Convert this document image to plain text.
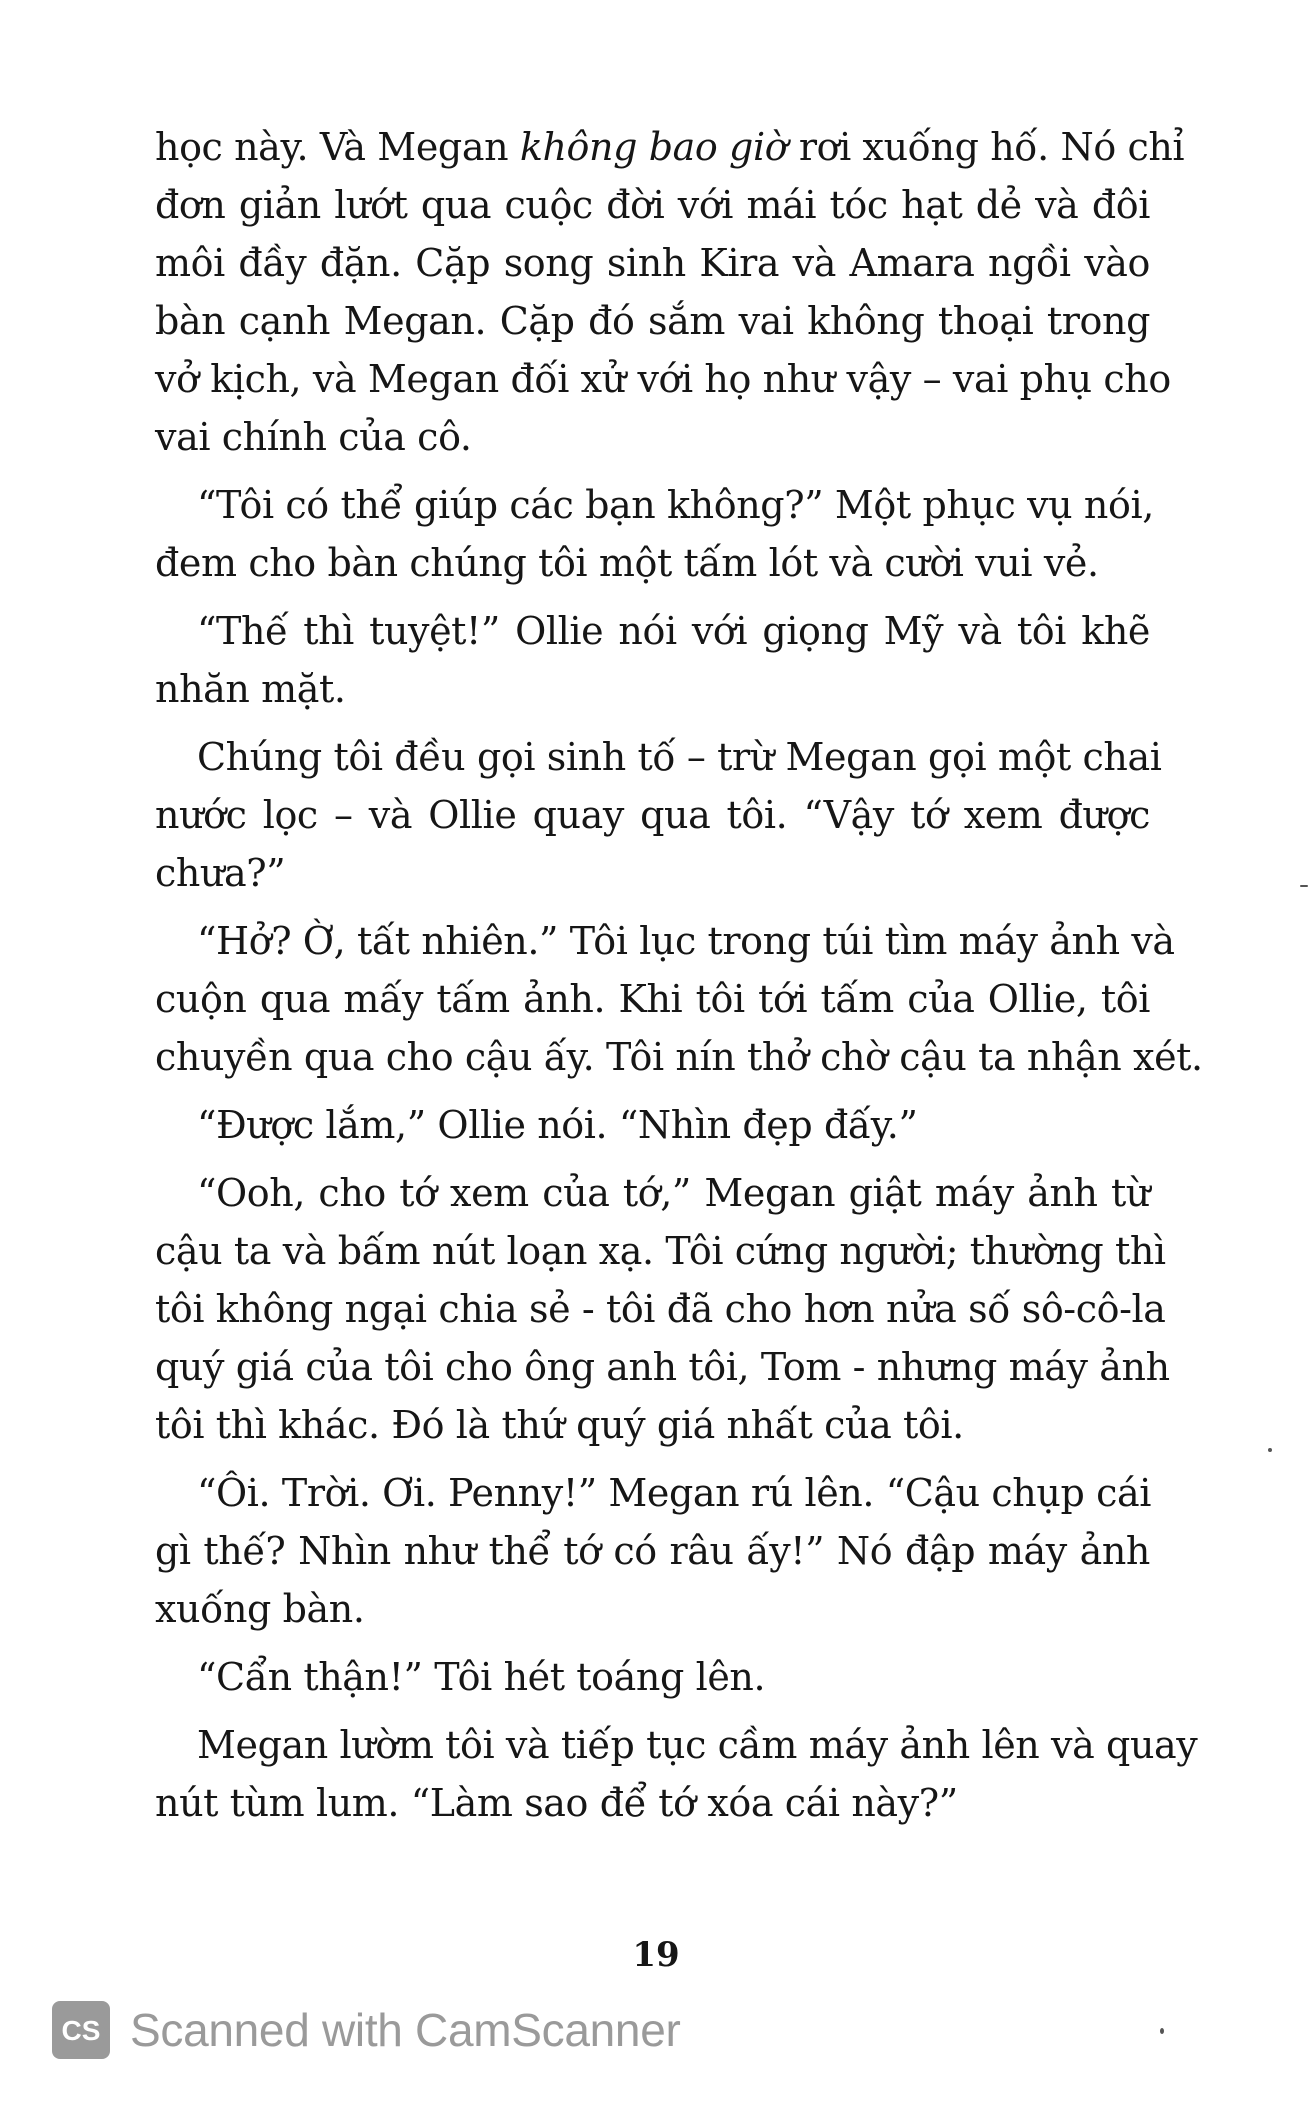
học này. Và Megan không bao giờ rơi xuống hố. Nó chỉ
đơn giản lướt qua cuộc đời với mái tóc hạt dẻ và đôi
môi đầy đặn. Cặp song sinh Kira và Amara ngồi vào
bàn cạnh Megan. Cặp đó sắm vai không thoại trong
vở kịch, và Megan đối xử với họ như vậy – vai phụ cho
vai chính của cô.
“Tôi có thể giúp các bạn không?” Một phục vụ nói,
đem cho bàn chúng tôi một tấm lót và cười vui vẻ.
“Thế thì tuyệt!” Ollie nói với giọng Mỹ và tôi khẽ
nhăn mặt.
Chúng tôi đều gọi sinh tố – trừ Megan gọi một chai
nước lọc – và Ollie quay qua tôi. “Vậy tớ xem được
chưa?”
“Hở? Ờ, tất nhiên.” Tôi lục trong túi tìm máy ảnh và
cuộn qua mấy tấm ảnh. Khi tôi tới tấm của Ollie, tôi
chuyền qua cho cậu ấy. Tôi nín thở chờ cậu ta nhận xét.
“Được lắm,” Ollie nói. “Nhìn đẹp đấy.”
“Ooh, cho tớ xem của tớ,” Megan giật máy ảnh từ
cậu ta và bấm nút loạn xạ. Tôi cứng người; thường thì
tôi không ngại chia sẻ - tôi đã cho hơn nửa số sô-cô-la
quý giá của tôi cho ông anh tôi, Tom - nhưng máy ảnh
tôi thì khác. Đó là thứ quý giá nhất của tôi.
“Ôi. Trời. Ơi. Penny!” Megan rú lên. “Cậu chụp cái
gì thế? Nhìn như thể tớ có râu ấy!” Nó đập máy ảnh
xuống bàn.
“Cẩn thận!” Tôi hét toáng lên.
Megan lườm tôi và tiếp tục cầm máy ảnh lên và quay
nút tùm lum. “Làm sao để tớ xóa cái này?”
19
CS Scanned with CamScanner
